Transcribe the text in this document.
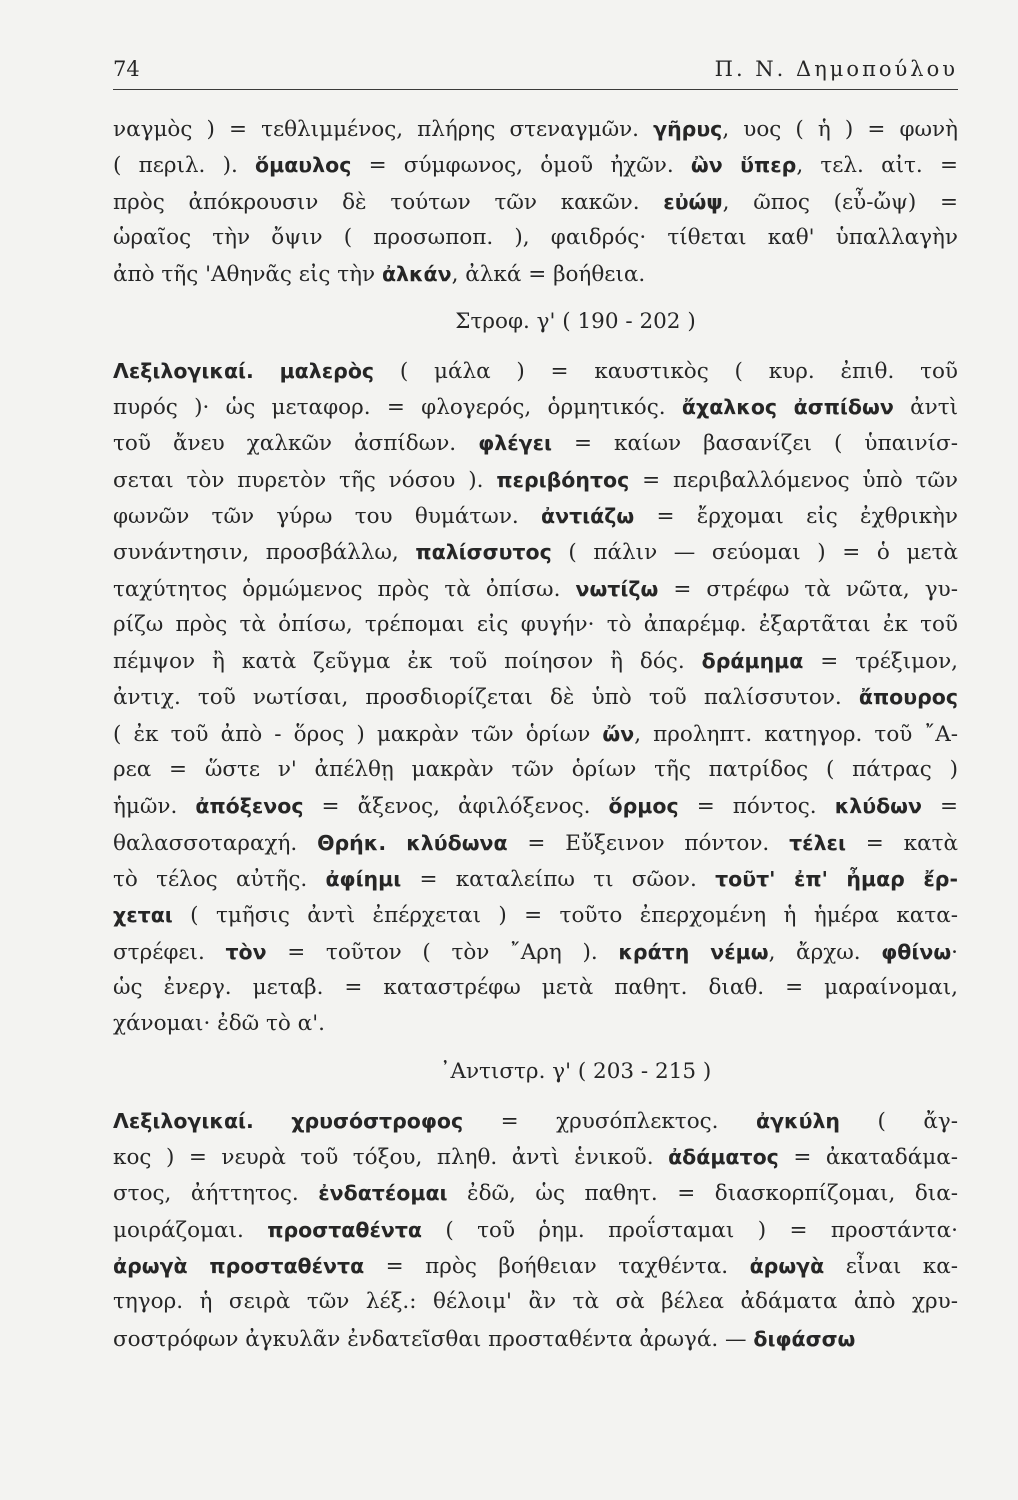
74	Π. Ν. Δημοπούλου
ναγμὸς ) = τεθλιμμένος, πλήρης στεναγμῶν. γῆρυς, υος ( ἡ ) = φωνὴ
( περιλ. ). ὅμαυλος = σύμφωνος, ὁμοῦ ἠχῶν. ὢν ὕπερ, τελ. αἰτ. =
πρὸς ἀπόκρουσιν δὲ τούτων τῶν κακῶν. εὐώψ, ῶπος (εὖ-ὤψ) =
ὡραῖος τὴν ὄψιν ( προσωποπ. ), φαιδρός· τίθεται καθ' ὑπαλλαγὴν
ἀπὸ τῆς 'Αθηνᾶς εἰς τὴν ἀλκάν, ἀλκά = βοήθεια.
Στροφ. γ' ( 190 - 202 )
Λεξιλογικαί. μαλερὸς ( μάλα ) = καυστικὸς ( κυρ. ἐπιθ. τοῦ
πυρός )· ὡς μεταφορ. = φλογερός, ὁρμητικός. ἄχαλκος ἀσπίδων ἀντὶ
τοῦ ἄνευ χαλκῶν ἀσπίδων. φλέγει = καίων βασανίζει ( ὑπαινίσ-
σεται τὸν πυρετὸν τῆς νόσου ). περιβόητος = περιβαλλόμενος ὑπὸ τῶν
φωνῶν τῶν γύρω του θυμάτων. ἀντιάζω = ἔρχομαι εἰς ἐχθρικὴν
συνάντησιν, προσβάλλω, παλίσσυτος ( πάλιν — σεύομαι ) = ὁ μετὰ
ταχύτητος ὁρμώμενος πρὸς τὰ ὀπίσω. νωτίζω = στρέφω τὰ νῶτα, γυ-
ρίζω πρὸς τὰ ὀπίσω, τρέπομαι εἰς φυγήν· τὸ ἀπαρέμφ. ἐξαρτᾶται ἐκ τοῦ
πέμψον ἢ κατὰ ζεῦγμα ἐκ τοῦ ποίησον ἢ δός. δράμημα = τρέξιμον,
ἀντιχ. τοῦ νωτίσαι, προσδιορίζεται δὲ ὑπὸ τοῦ παλίσσυτον. ἄπουρος
( ἐκ τοῦ ἀπὸ - ὅρος ) μακρὰν τῶν ὁρίων ὤν, προληπτ. κατηγορ. τοῦ ῎Α-
ρεα = ὥστε ν' ἀπέλθῃ μακρὰν τῶν ὁρίων τῆς πατρίδος ( πάτρας )
ἡμῶν. ἀπόξενος = ἄξενος, ἀφιλόξενος. ὅρμος = πόντος. κλύδων =
θαλασσοταραχή. Θρήκ. κλύδωνα = Εὔξεινον πόντον. τέλει = κατὰ
τὸ τέλος αὐτῆς. ἀφίημι = καταλείπω τι σῶον. τοῦτ' ἐπ' ἦμαρ ἔρ-
χεται ( τμῆσις ἀντὶ ἐπέρχεται ) = τοῦτο ἐπερχομένη ἡ ἡμέρα κατα-
στρέφει. τὸν = τοῦτον ( τὸν ῎Αρη ). κράτη νέμω, ἄρχω. φθίνω·
ὡς ἐνεργ. μεταβ. = καταστρέφω μετὰ παθητ. διαθ. = μαραίνομαι,
χάνομαι· ἐδῶ τὸ α'.
᾿Αντιστρ. γ' ( 203 - 215 )
Λεξιλογικαί. χρυσόστροφος = χρυσόπλεκτος. ἀγκύλη ( ἄγ-
κος ) = νευρὰ τοῦ τόξου, πληθ. ἀντὶ ἑνικοῦ. ἀδάματος = ἀκαταδάμα-
στος, ἀήττητος. ἐνδατέομαι ἐδῶ, ὡς παθητ. = διασκορπίζομαι, δια-
μοιράζομαι. προσταθέντα ( τοῦ ῥημ. προΐσταμαι ) = προστάντα·
ἀρωγὰ προσταθέντα = πρὸς βοήθειαν ταχθέντα. ἀρωγὰ εἶναι κα-
τηγορ. ἡ σειρὰ τῶν λέξ.: θέλοιμ' ἂν τὰ σὰ βέλεα ἀδάματα ἀπὸ χρυ-
σοστρόφων ἀγκυλᾶν ἐνδατεῖσθαι προσταθέντα ἀρωγά. — διφάσσω
